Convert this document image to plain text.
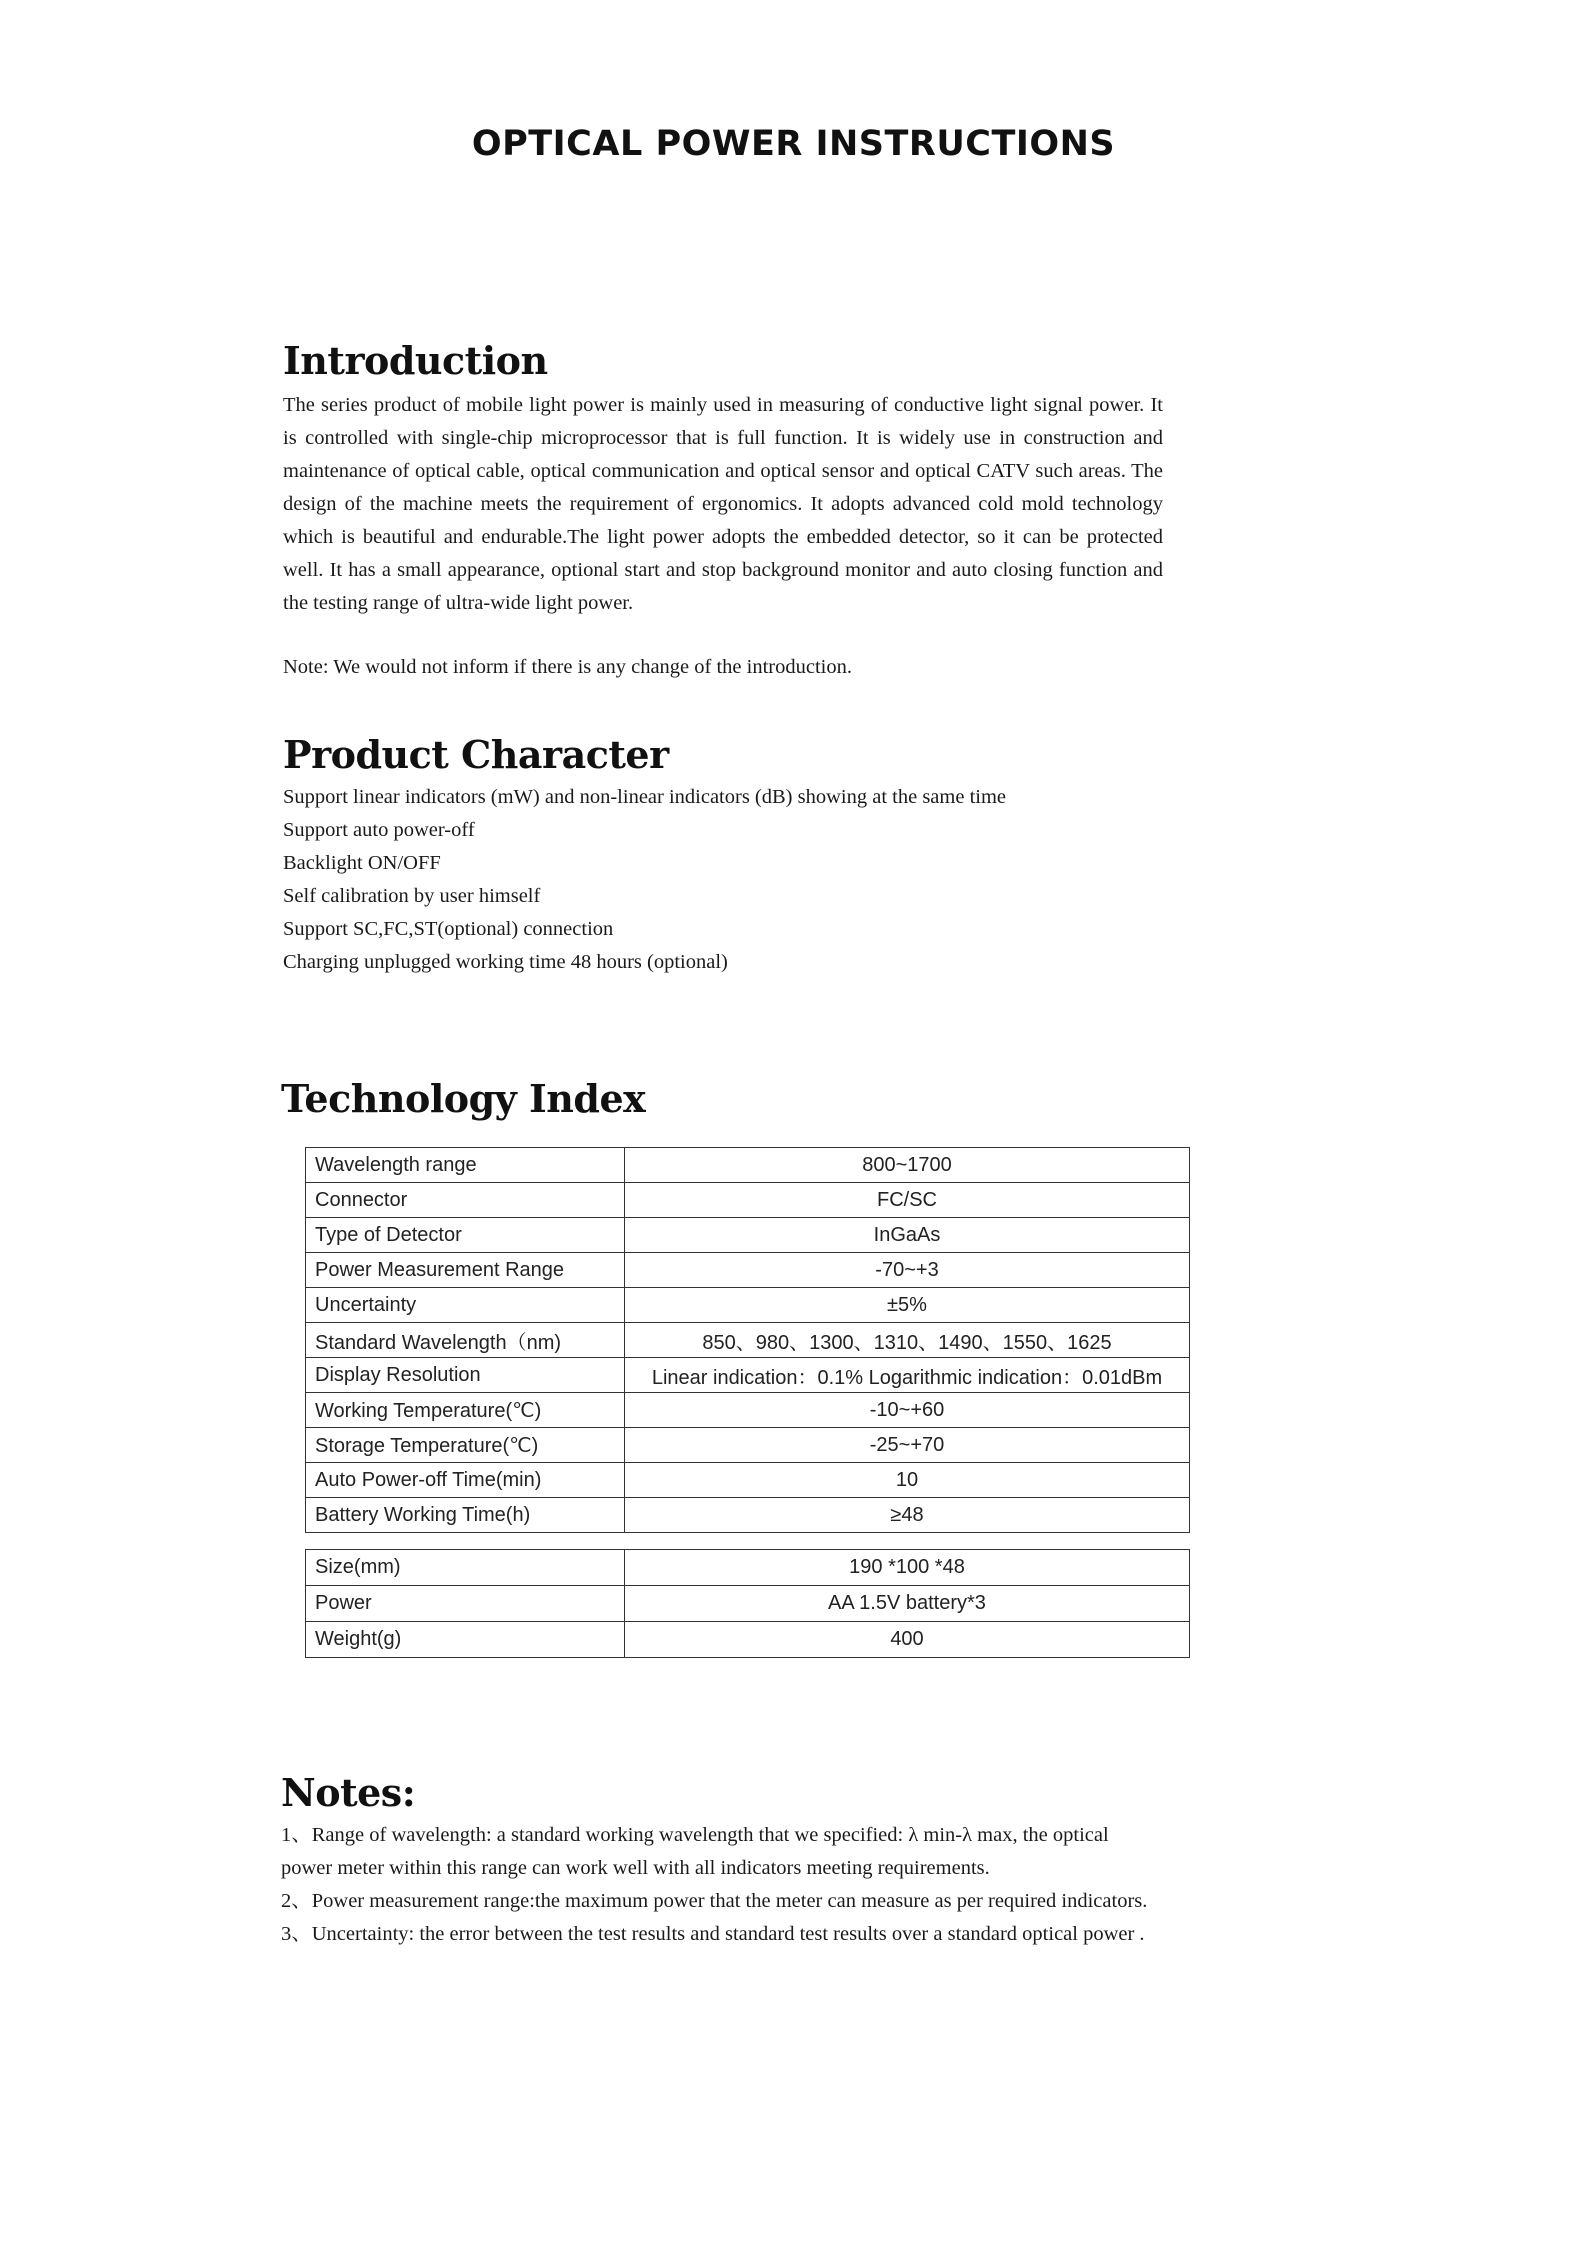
OPTICAL POWER INSTRUCTIONS
Introduction

The series product of mobile light power is mainly used in measuring of conductive light signal power. It is controlled with single-chip microprocessor that is full function. It is widely use in construction and maintenance of optical cable, optical communication and optical sensor and optical CATV such areas. The design of the machine meets the requirement of ergonomics. It adopts advanced cold mold technology which is beautiful and endurable.The light power adopts the embedded detector, so it can be protected well. It has a small appearance, optional start and stop background monitor and auto closing function and the testing range of ultra-wide light power.

Note: We would not inform if there is any change of the introduction.

Product Character
Support linear indicators (mW) and non-linear indicators (dB) showing at the same time
Support auto power-off
Backlight ON/OFF
Self calibration by user himself
Support SC,FC,ST(optional) connection
Charging unplugged working time 48 hours (optional)
Technology Index
Wavelength range	800~1700
Connector	FC/SC
Type of Detector	InGaAs
Power Measurement Range	-70~+3
Uncertainty	±5%
Standard Wavelength（nm)	850、980、1300、1310、1490、1550、1625
Display Resolution	Linear indication：0.1% Logarithmic indication：0.01dBm
Working Temperature(℃)	-10~+60
Storage Temperature(℃)	-25~+70
Auto Power-off Time(min)	10
Battery Working Time(h)	≥48
Size(mm)	190 *100 *48
Power	AA 1.5V battery*3
Weight(g)	400
Notes:
1、Range of wavelength: a standard working wavelength that we specified: λ min-λ max, the optical power meter within this range can work well with all indicators meeting requirements.
2、Power measurement range:the maximum power that the meter can measure as per required indicators.
3、Uncertainty: the error between the test results and standard test results over a standard optical power .
